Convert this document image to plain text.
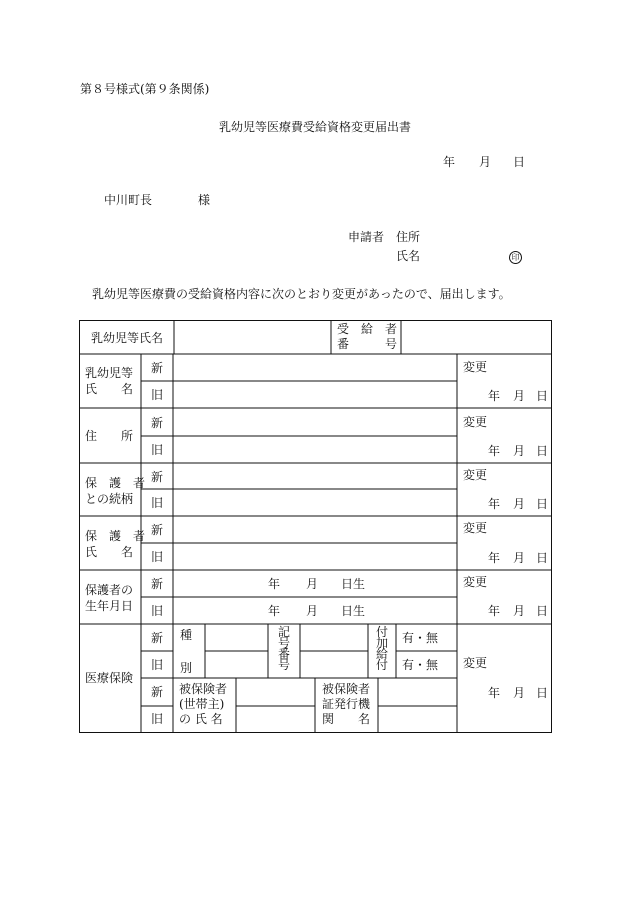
第８号様式(第９条関係)
乳幼児等医療費受給資格変更届出書
年 月 日
中川町長	様
申請者 住所
氏名	印
乳幼児等医療費の受給資格内容に次のとおり変更があったので、届出します。
乳幼児等氏名
受　給　者
番　　　号
乳幼児等
氏　　名
新
旧
変更
年 月 日
住　　所
新
旧
変更
年 月 日
保　護　者
との続柄
新
旧
変更
年 月 日
保　護　者
氏　　名
新
旧
変更
年 月 日
保護者の
生年月日
新
旧
年 月 日生
年 月 日生
変更
年 月 日
医療保険
新
旧
新
旧
種
別
記号番号
付加給付
有・無
有・無
被保険者
(世帯主)
の 氏 名
被保険者
証発行機
関　　名
変更
年 月 日
